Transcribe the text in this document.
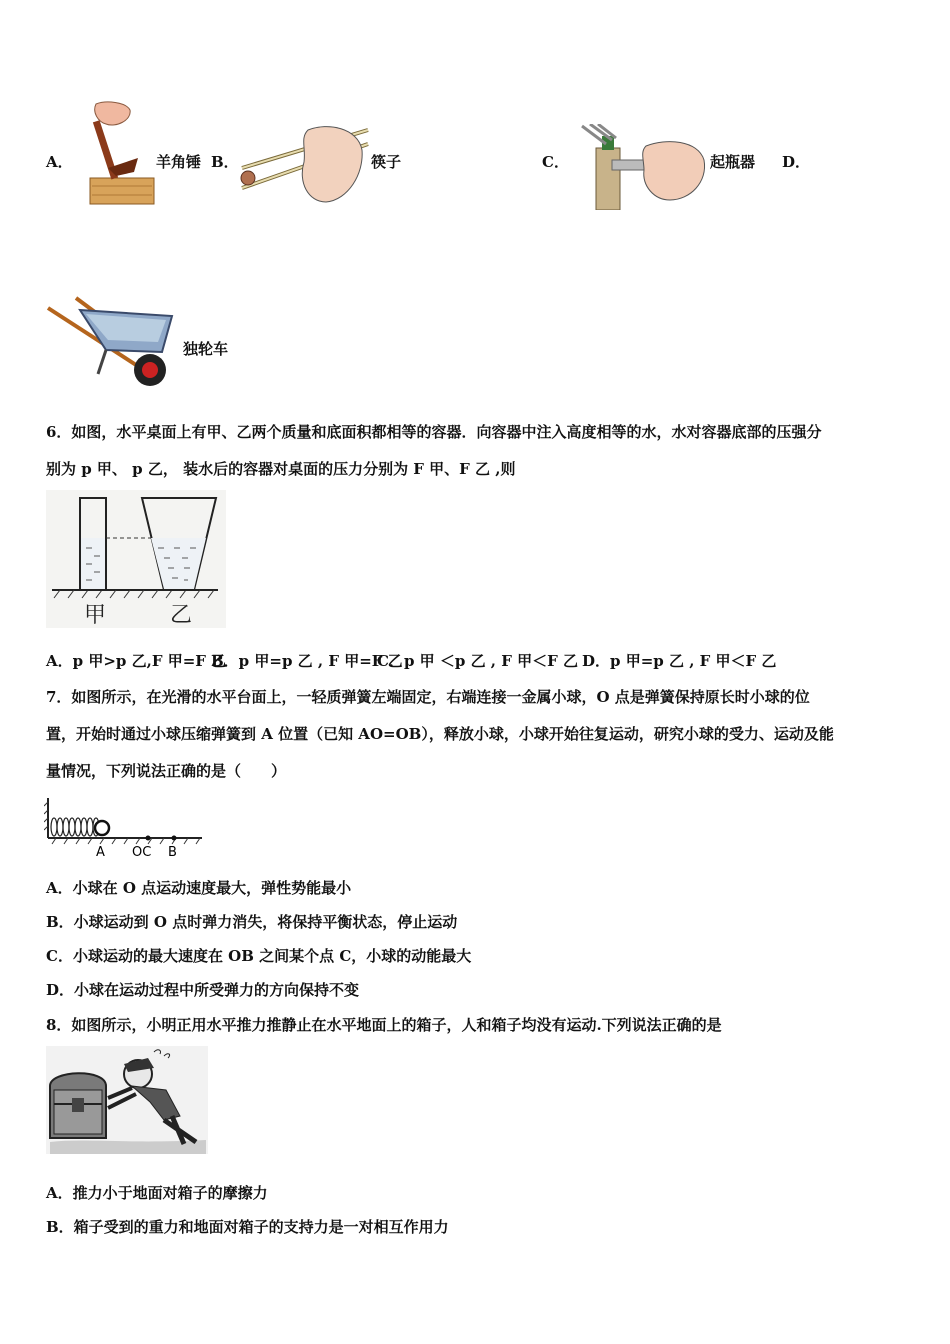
A．	羊角锤 B．	筷子	C．	起瓶器 D．
独轮车
6．如图，水平桌面上有甲、乙两个质量和底面积都相等的容器．向容器中注入高度相等的水，水对容器底部的压强分
别为 p 甲、 p 乙， 装水后的容器对桌面的压力分别为 F 甲、F 乙 ,则
甲	乙
A．p 甲>p 乙,F 甲=F 乙
B．p 甲=p 乙 , F 甲=F 乙
C．p 甲 ＜p 乙 , F 甲＜F 乙 D．p 甲=p 乙 , F 甲＜F 乙
7．如图所示，在光滑的水平台面上，一轻质弹簧左端固定，右端连接一金属小球，O 点是弹簧保持原长时小球的位
置，开始时通过小球压缩弹簧到 A 位置（已知 AO=OB），释放小球，小球开始往复运动，研究小球的受力、运动及能
量情况，下列说法正确的是（　　）
A OC B
A．小球在 O 点运动速度最大，弹性势能最小
B．小球运动到 O 点时弹力消失，将保持平衡状态，停止运动
C．小球运动的最大速度在 OB 之间某个点 C，小球的动能最大
D．小球在运动过程中所受弹力的方向保持不变
8．如图所示，小明正用水平推力推静止在水平地面上的箱子，人和箱子均没有运动.下列说法正确的是
A．推力小于地面对箱子的摩擦力
B．箱子受到的重力和地面对箱子的支持力是一对相互作用力
